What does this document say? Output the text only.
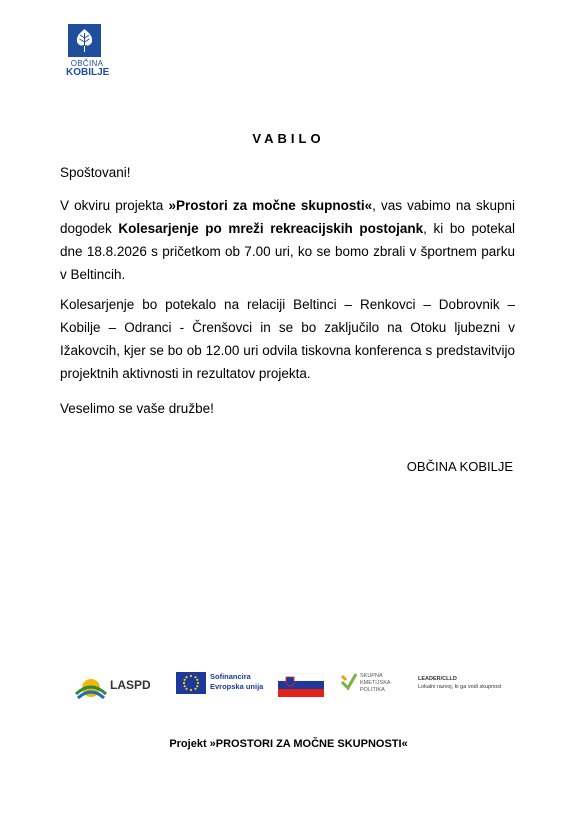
OBČINA
KOBILJE
VABILO
Spoštovani!
V okviru projekta »Prostori za močne skupnosti«, vas vabimo na skupni dogodek Kolesarjenje po mreži rekreacijskih postojank, ki bo potekal dne 18.8.2026 s pričetkom ob 7.00 uri, ko se bomo zbrali v športnem parku v Beltincih.
Kolesarjenje bo potekalo na relaciji Beltinci – Renkovci – Dobrovnik – Kobilje – Odranci - Črenšovci in se bo zaključilo na Otoku ljubezni v Ižakovcih, kjer se bo ob 12.00 uri odvila tiskovna konferenca s predstavitvijo projektnih aktivnosti in rezultatov projekta.
Veselimo se vaše družbe!
OBČINA KOBILJE
LASPD
Sofinancira
Evropska unija
SKUPNA
KMETIJSKA
POLITIKA
LEADER/CLLD
Lokalni razvoj, ki ga vodi skupnost
Projekt »PROSTORI ZA MOČNE SKUPNOSTI«
